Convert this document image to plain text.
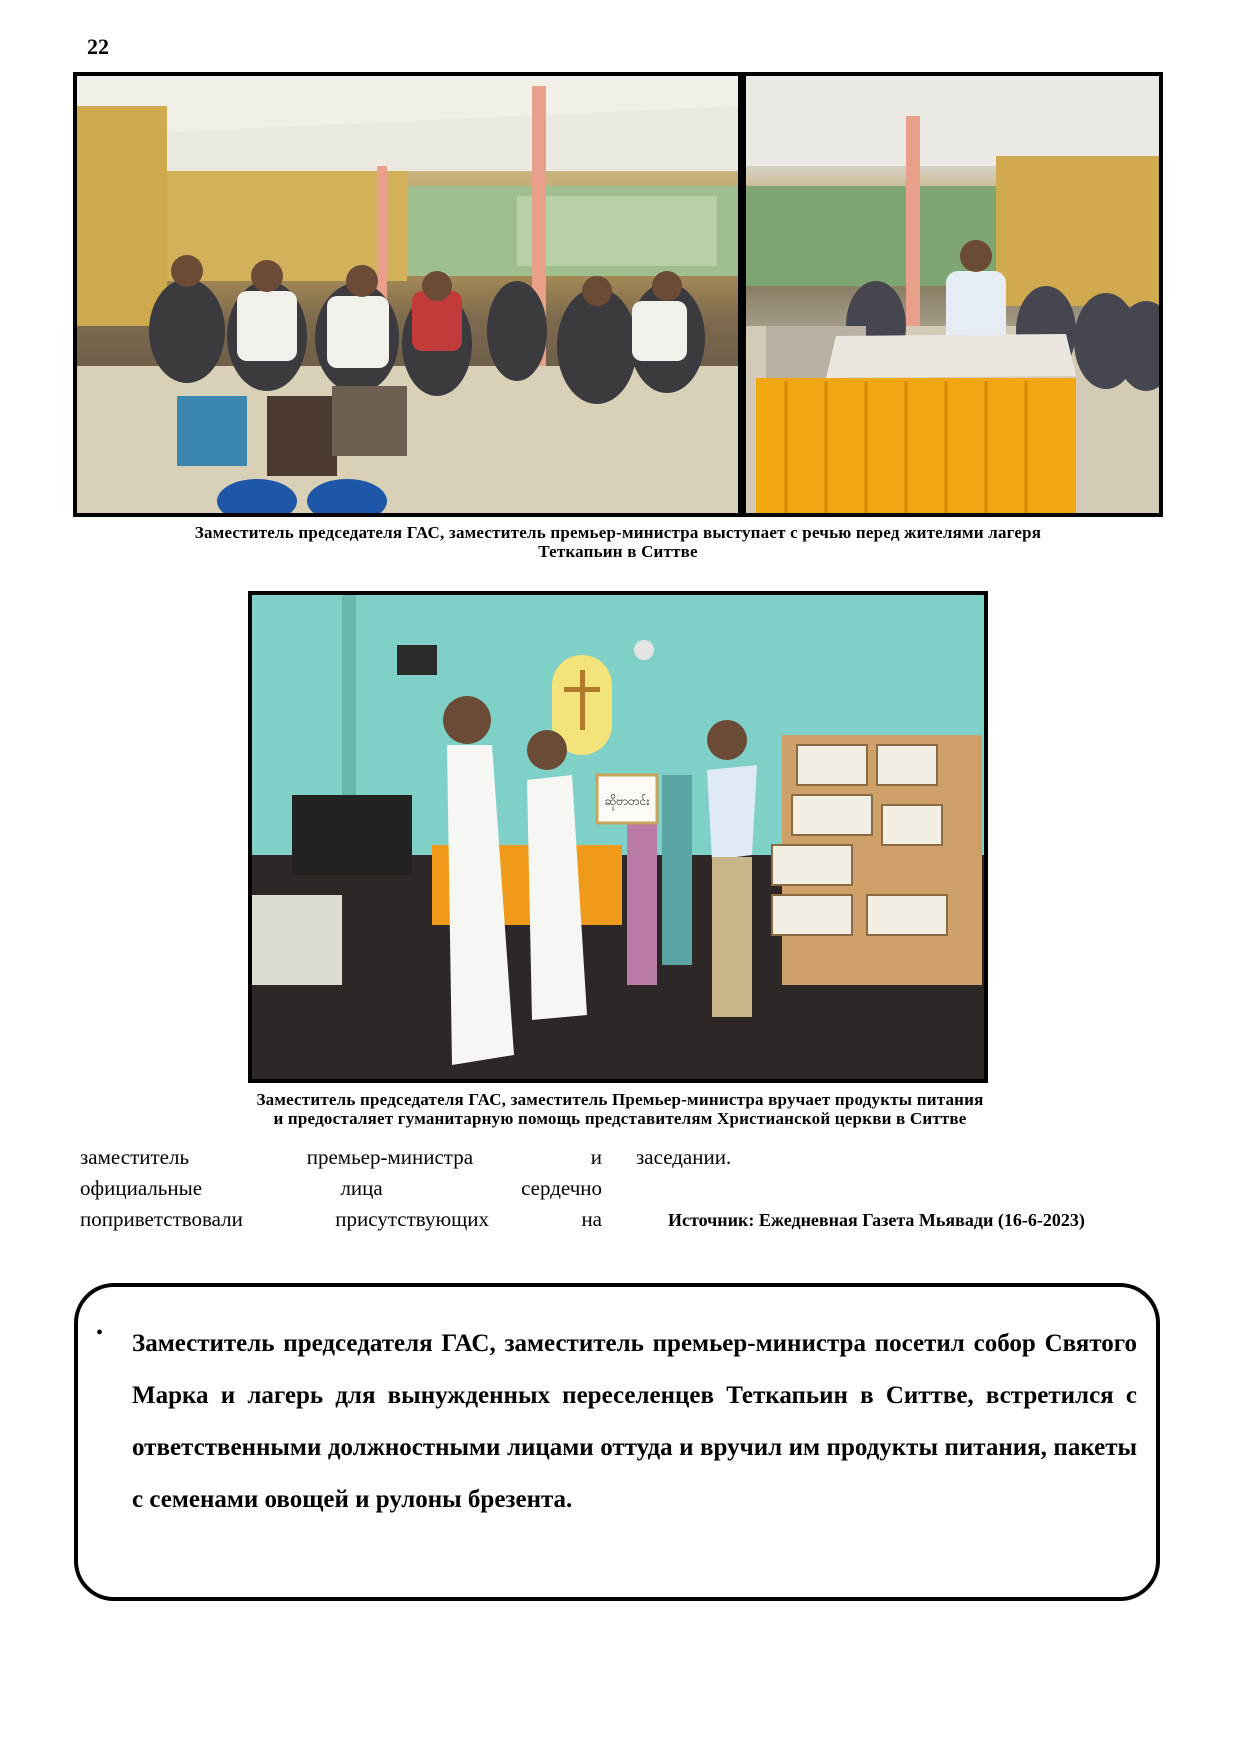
22
Заместитель председателя ГАС, заместитель премьер-министра выступает с речью перед жителями лагеря
Теткапьин в Ситтве
ဆိုဗာတင်း
Заместитель председателя ГАС, заместитель Премьер-министра вручает продукты питания
и предосталяет гуманитарную помощь представителям Христианской церкви в Ситтве
заместитель	премьер-министра	и
официальные	лица	сердечно
поприветствовали	присутствующих	на
заседании.
Источник: Ежедневная Газета Мьявади (16-6-2023)
• Заместитель председателя ГАС, заместитель премьер-министра посетил собор Святого Марка и лагерь для вынужденных переселенцев Теткапьин в Ситтве, встретился с ответственными должностными лицами оттуда и вручил им продукты питания, пакеты с семенами овощей и рулоны брезента.
